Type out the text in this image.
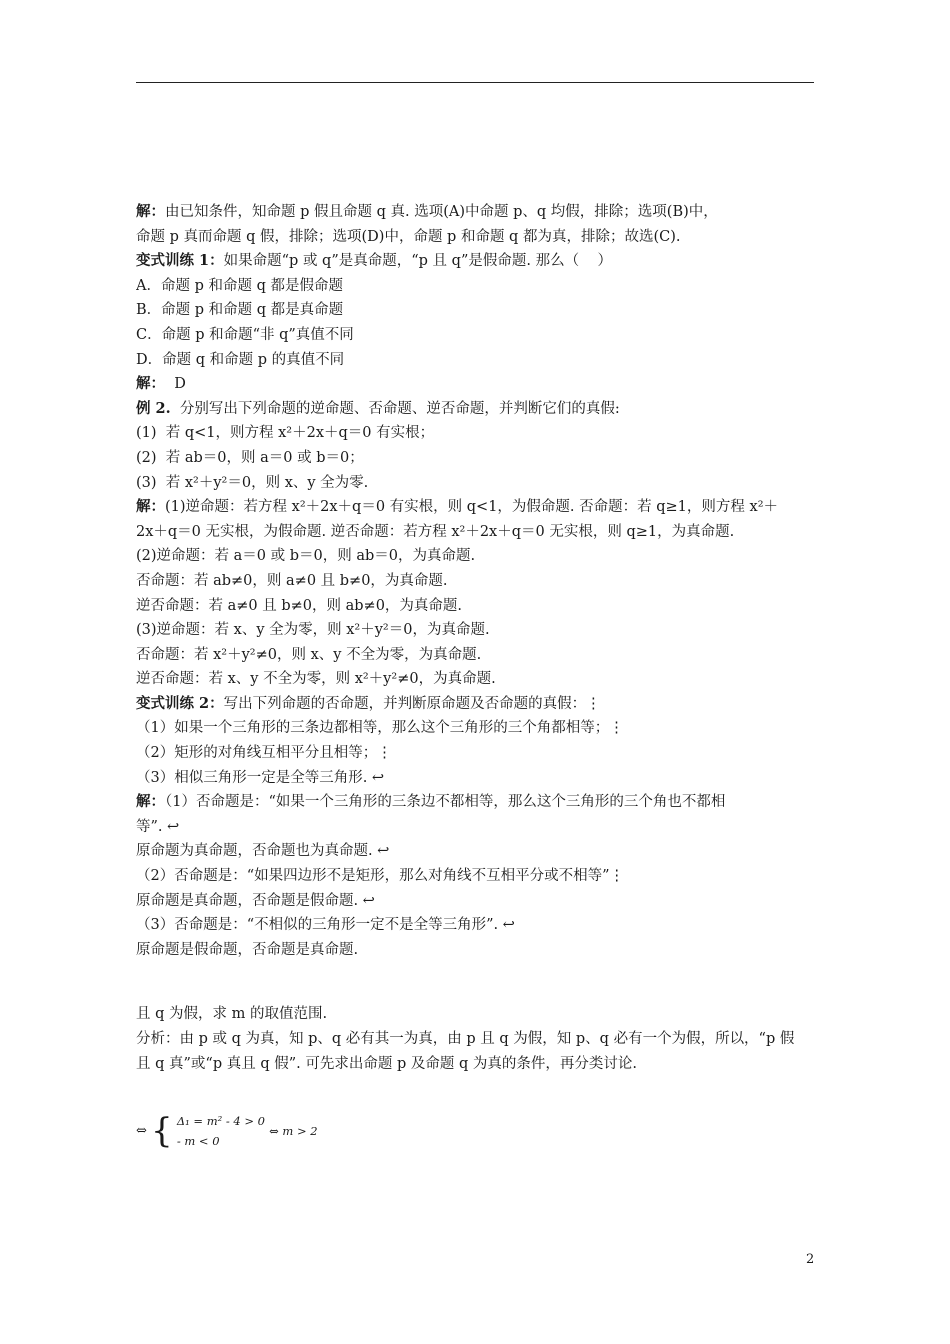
解：由已知条件，知命题 p 假且命题 q 真. 选项(A)中命题 p、q 均假，排除；选项(B)中，
命题 p 真而命题 q 假，排除；选项(D)中，命题 p 和命题 q 都为真，排除；故选(C).
变式训练 1：如果命题“p 或 q”是真命题，“p 且 q”是假命题. 那么（    ）
A．命题 p 和命题 q 都是假命题
B．命题 p 和命题 q 都是真命题
C．命题 p 和命题“非 q”真值不同
D．命题 q 和命题 p 的真值不同
解：  D
例 2.  分别写出下列命题的逆命题、否命题、逆否命题，并判断它们的真假:
(1)  若 q<1，则方程 x²＋2x＋q＝0 有实根；
(2)  若 ab＝0，则 a＝0 或 b＝0；
(3)  若 x²＋y²＝0，则 x、y 全为零.
解：(1)逆命题：若方程 x²＋2x＋q＝0 有实根，则 q<1，为假命题. 否命题：若 q≥1，则方程 x²＋
2x＋q＝0 无实根，为假命题. 逆否命题：若方程 x²＋2x＋q＝0 无实根，则 q≥1，为真命题.
(2)逆命题：若 a＝0 或 b＝0，则 ab＝0，为真命题.
否命题：若 ab≠0，则 a≠0 且 b≠0，为真命题.
逆否命题：若 a≠0 且 b≠0，则 ab≠0，为真命题.
(3)逆命题：若 x、y 全为零，则 x²＋y²＝0，为真命题.
否命题：若 x²＋y²≠0，则 x、y 不全为零，为真命题.
逆否命题：若 x、y 不全为零，则 x²＋y²≠0，为真命题.
变式训练 2：写出下列命题的否命题，并判断原命题及否命题的真假：⋮
（1）如果一个三角形的三条边都相等，那么这个三角形的三个角都相等；⋮
（2）矩形的对角线互相平分且相等；⋮
（3）相似三角形一定是全等三角形. ↩
解：（1）否命题是：“如果一个三角形的三条边不都相等，那么这个三角形的三个角也不都相
等”. ↩
原命题为真命题，否命题也为真命题. ↩
（2）否命题是：“如果四边形不是矩形，那么对角线不互相平分或不相等”⋮
原命题是真命题，否命题是假命题. ↩
（3）否命题是：“不相似的三角形一定不是全等三角形”. ↩
原命题是假命题，否命题是真命题.

且 q 为假，求 m 的取值范围.
分析：由 p 或 q 为真，知 p、q 必有其一为真，由 p 且 q 为假，知 p、q 必有一个为假，所以，“p 假
且 q 真”或“p 真且 q 假”. 可先求出命题 p 及命题 q 为真的条件，再分类讨论.

⇔ { Δ₁ = m² - 4 > 0
- m < 0
⇔ m > 2
2
